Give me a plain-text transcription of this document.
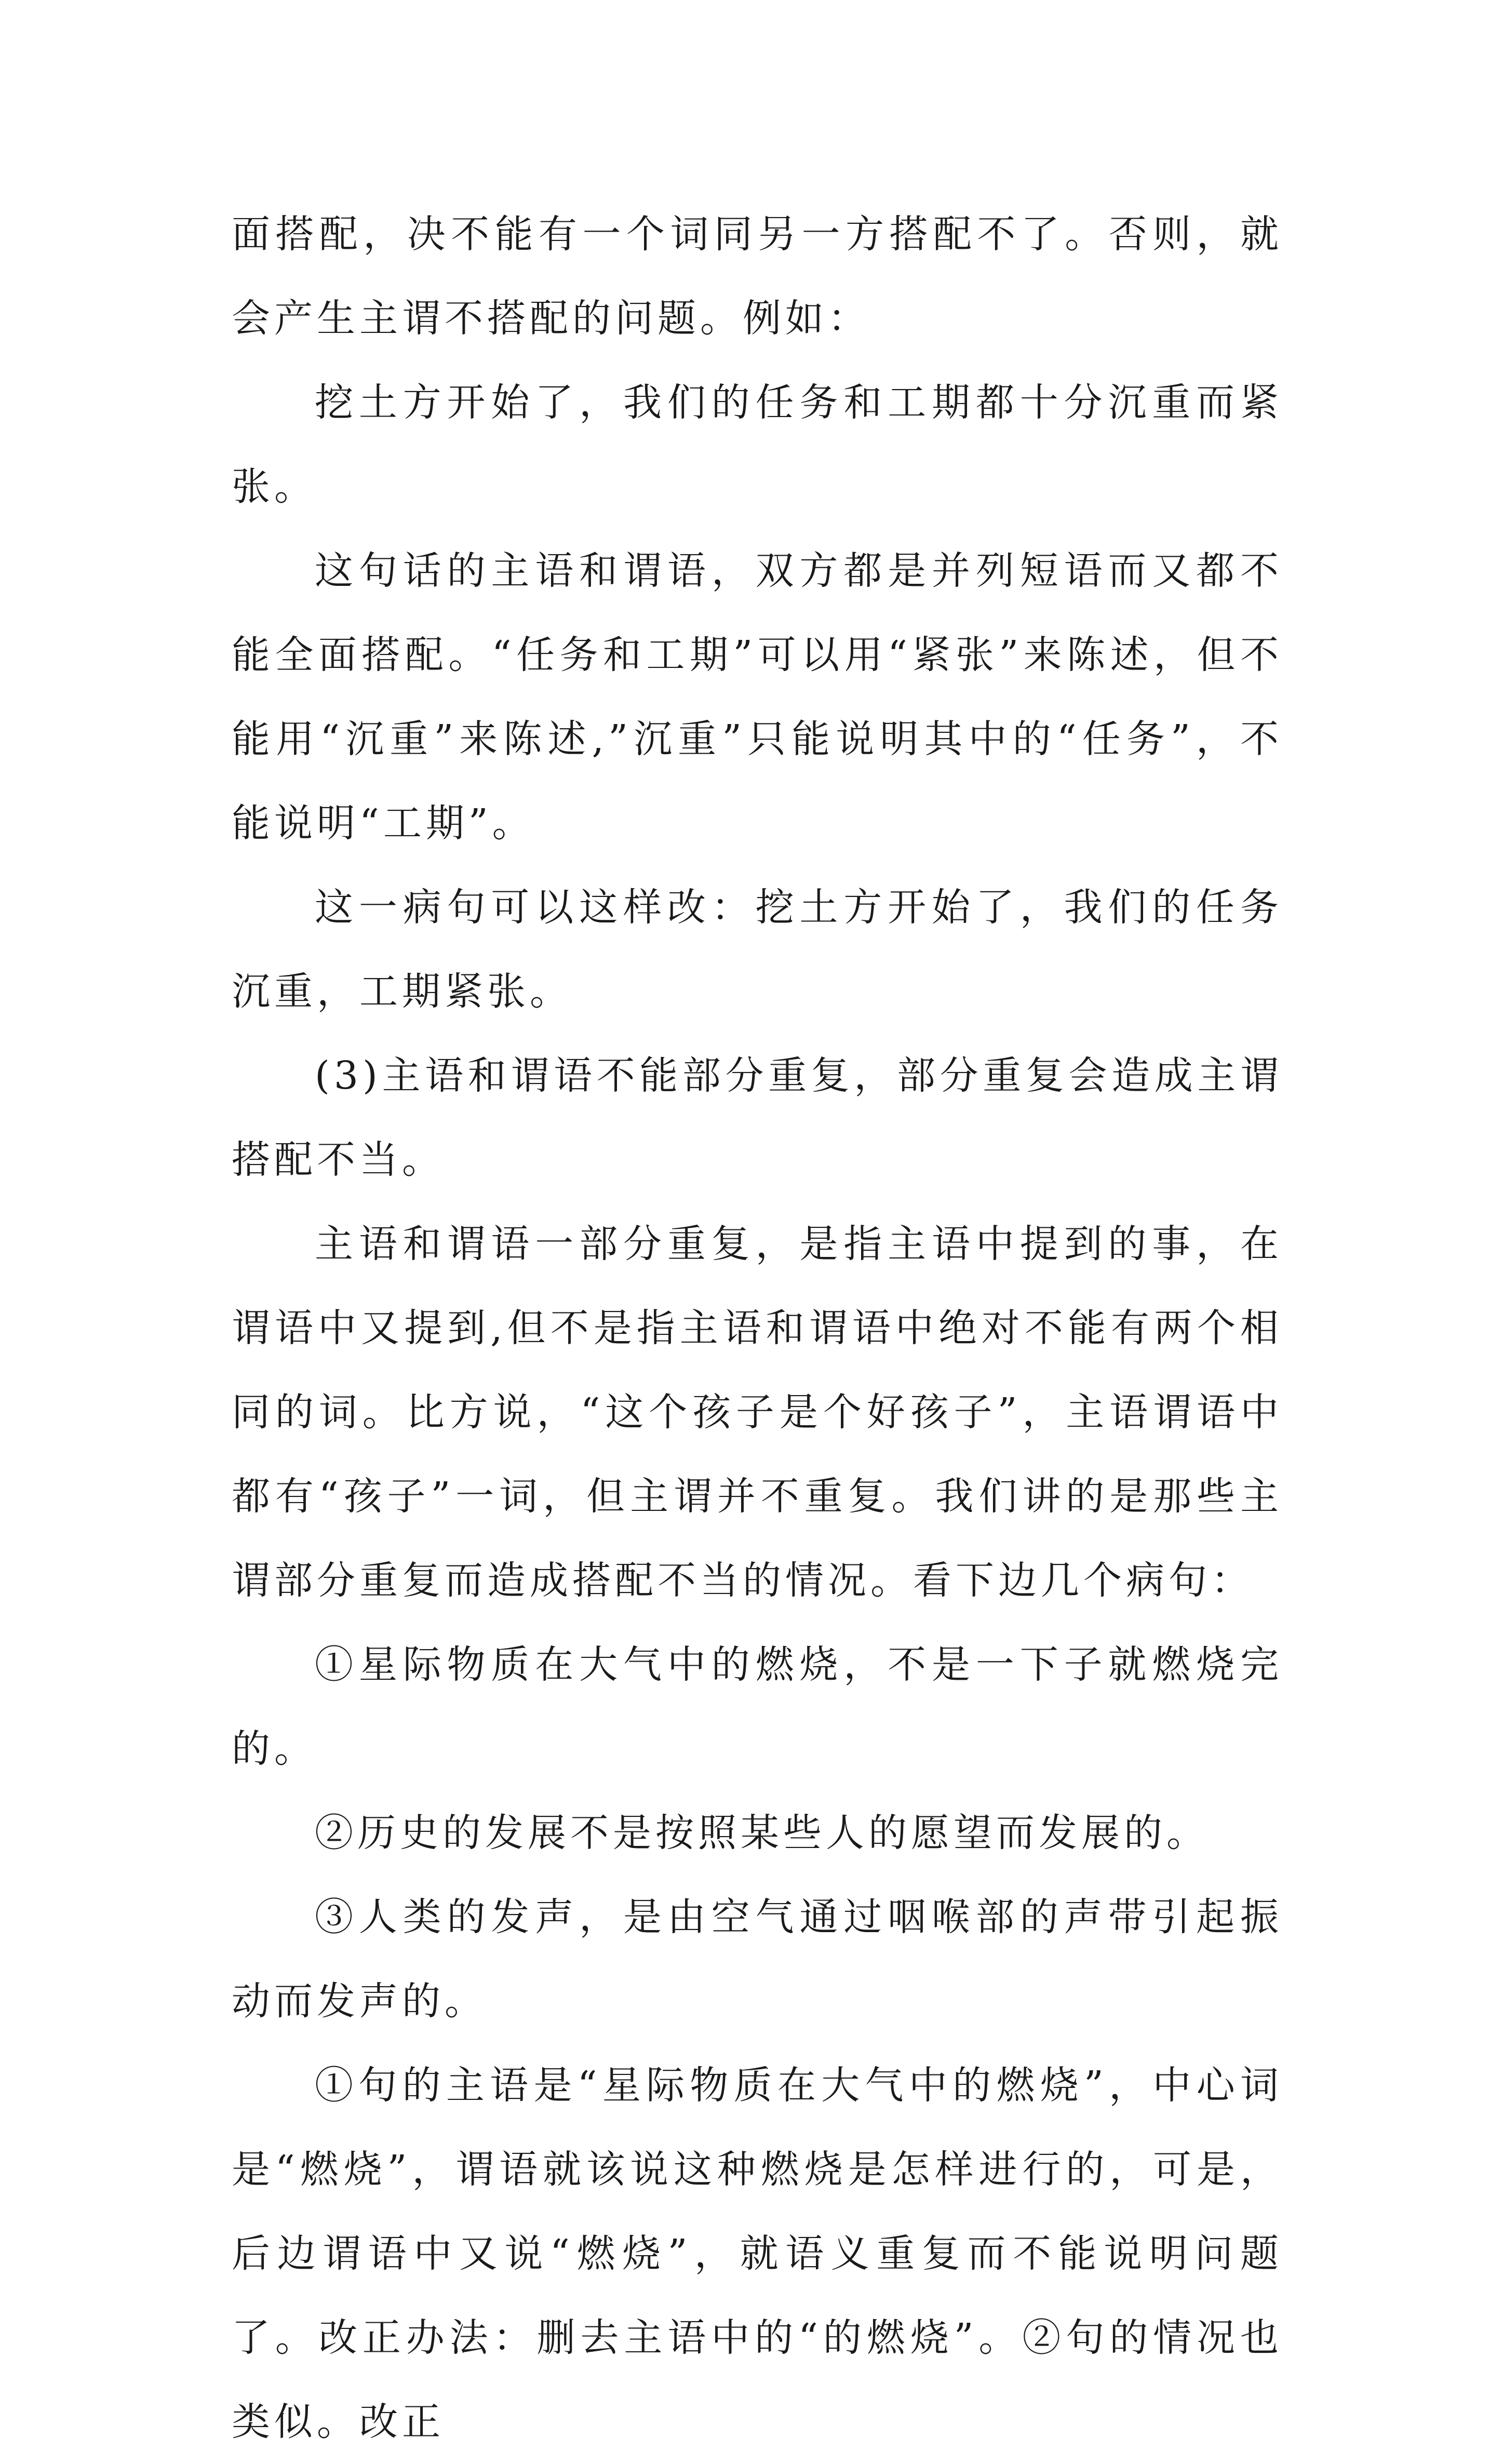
面搭配，决不能有一个词同另一方搭配不了。否则，就会产生主谓不搭配的问题。例如：

挖土方开始了，我们的任务和工期都十分沉重而紧张。

这句话的主语和谓语，双方都是并列短语而又都不能全面搭配。“任务和工期”可以用“紧张”来陈述，但不能用“沉重”来陈述,”沉重”只能说明其中的“任务”，不能说明“工期”。

这一病句可以这样改：挖土方开始了，我们的任务沉重，工期紧张。

(3)主语和谓语不能部分重复，部分重复会造成主谓搭配不当。

主语和谓语一部分重复，是指主语中提到的事，在谓语中又提到,但不是指主语和谓语中绝对不能有两个相同的词。比方说，“这个孩子是个好孩子”，主语谓语中都有“孩子”一词，但主谓并不重复。我们讲的是那些主谓部分重复而造成搭配不当的情况。看下边几个病句：

①星际物质在大气中的燃烧，不是一下子就燃烧完的。

②历史的发展不是按照某些人的愿望而发展的。

③人类的发声，是由空气通过咽喉部的声带引起振动而发声的。

①句的主语是“星际物质在大气中的燃烧”，中心词是“燃烧”，谓语就该说这种燃烧是怎样进行的，可是，后边谓语中又说“燃烧”，就语义重复而不能说明问题了。改正办法：删去主语中的“的燃烧”。②句的情况也类似。改正
